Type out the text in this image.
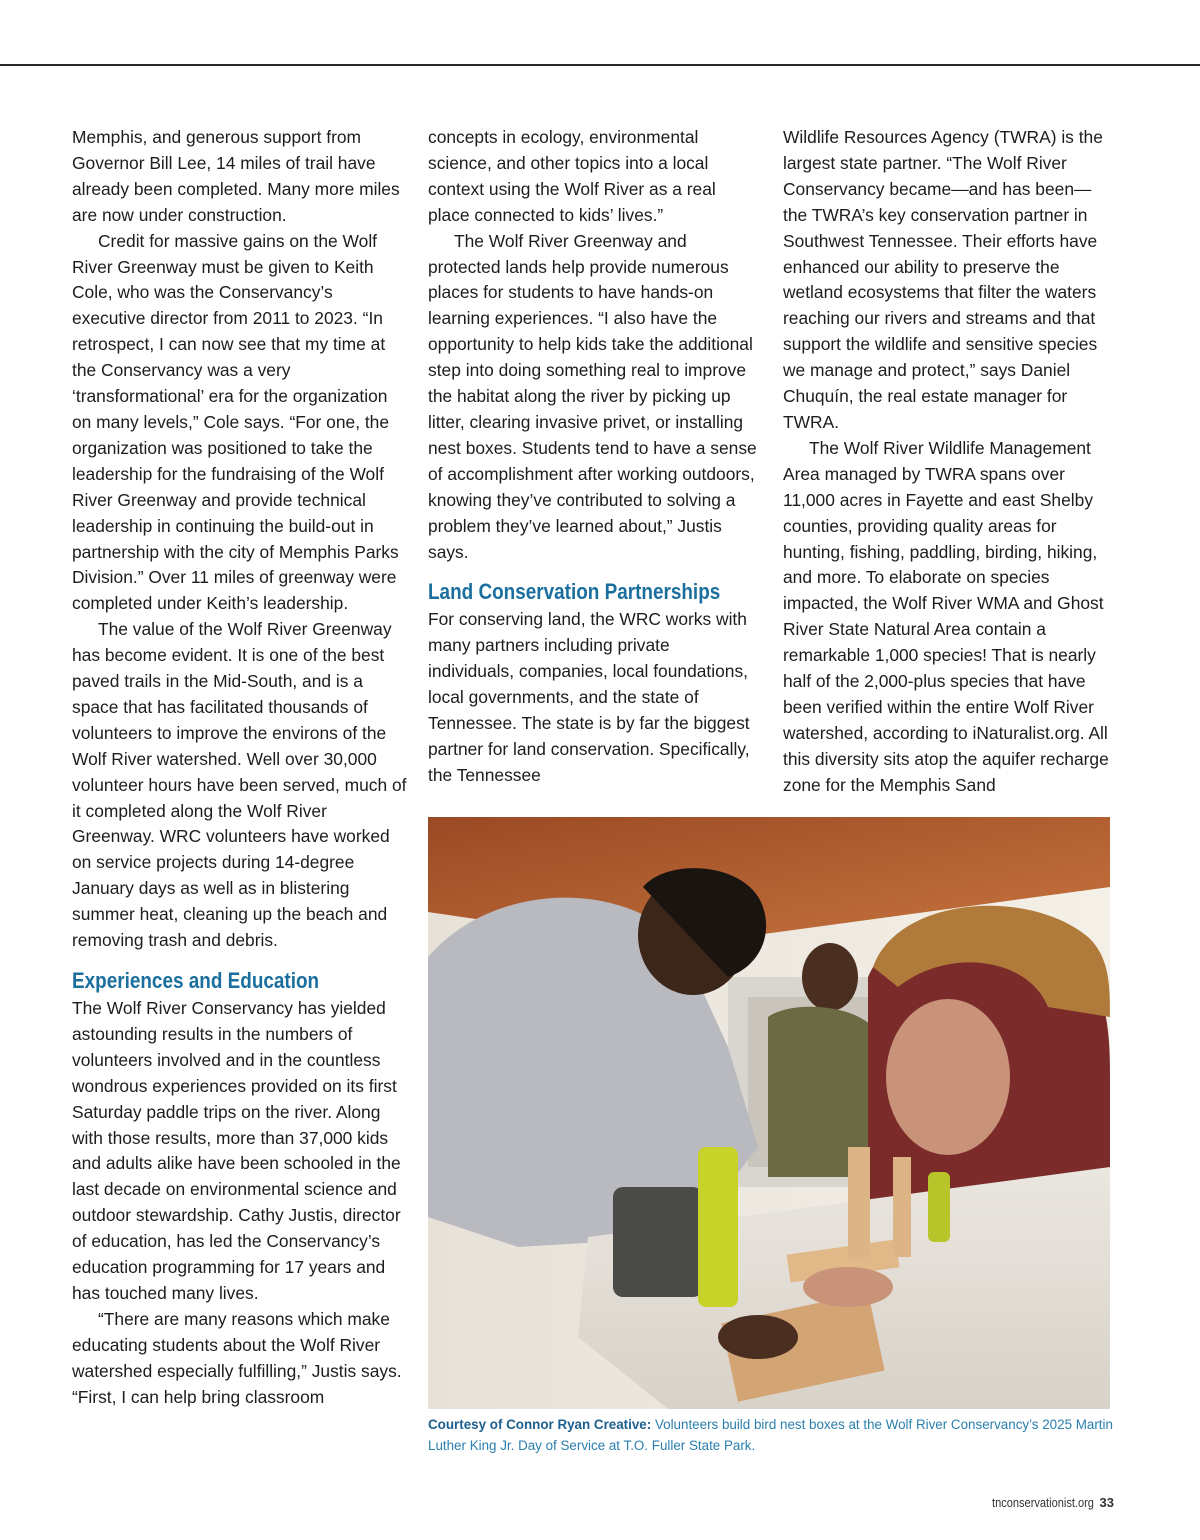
Memphis, and generous support from Governor Bill Lee, 14 miles of trail have already been completed. Many more miles are now under construction.

Credit for massive gains on the Wolf River Greenway must be given to Keith Cole, who was the Conservancy’s executive director from 2011 to 2023. “In retrospect, I can now see that my time at the Conservancy was a very ‘transformational’ era for the organization on many levels,” Cole says. “For one, the organization was positioned to take the leadership for the fundraising of the Wolf River Greenway and provide technical leadership in continuing the build-out in partnership with the city of Memphis Parks Division.” Over 11 miles of greenway were completed under Keith’s leadership.

The value of the Wolf River Greenway has become evident. It is one of the best paved trails in the Mid-South, and is a space that has facilitated thousands of volunteers to improve the environs of the Wolf River watershed. Well over 30,000 volunteer hours have been served, much of it completed along the Wolf River Greenway. WRC volunteers have worked on service projects during 14-degree January days as well as in blistering summer heat, cleaning up the beach and removing trash and debris.

Experiences and Education

The Wolf River Conservancy has yielded astounding results in the numbers of volunteers involved and in the countless wondrous experiences provided on its first Saturday paddle trips on the river. Along with those results, more than 37,000 kids and adults alike have been schooled in the last decade on environmental science and outdoor stewardship. Cathy Justis, director of education, has led the Conservancy’s education programming for 17 years and has touched many lives.

“There are many reasons which make educating students about the Wolf River watershed especially fulfilling,” Justis says. “First, I can help bring classroom

concepts in ecology, environmental science, and other topics into a local context using the Wolf River as a real place connected to kids’ lives.”

The Wolf River Greenway and protected lands help provide numerous places for students to have hands-on learning experiences. “I also have the opportunity to help kids take the additional step into doing something real to improve the habitat along the river by picking up litter, clearing invasive privet, or installing nest boxes. Students tend to have a sense of accomplishment after working outdoors, knowing they’ve contributed to solving a problem they’ve learned about,” Justis says.

Land Conservation Partnerships

For conserving land, the WRC works with many partners including private individuals, companies, local foundations, local governments, and the state of Tennessee. The state is by far the biggest partner for land conservation. Specifically, the Tennessee

Wildlife Resources Agency (TWRA) is the largest state partner. “The Wolf River Conservancy became—and has been—the TWRA’s key conservation partner in Southwest Tennessee. Their efforts have enhanced our ability to preserve the wetland ecosystems that filter the waters reaching our rivers and streams and that support the wildlife and sensitive species we manage and protect,” says Daniel Chuquín, the real estate manager for TWRA.

The Wolf River Wildlife Management Area managed by TWRA spans over 11,000 acres in Fayette and east Shelby counties, providing quality areas for hunting, fishing, paddling, birding, hiking, and more. To elaborate on species impacted, the Wolf River WMA and Ghost River State Natural Area contain a remarkable 1,000 species! That is nearly half of the 2,000-plus species that have been verified within the entire Wolf River watershed, according to iNaturalist.org. All this diversity sits atop the aquifer recharge zone for the Memphis Sand

Courtesy of Connor Ryan Creative: Volunteers build bird nest boxes at the Wolf River Conservancy’s 2025 Martin Luther King Jr. Day of Service at T.O. Fuller State Park.
tnconservationist.org 33
